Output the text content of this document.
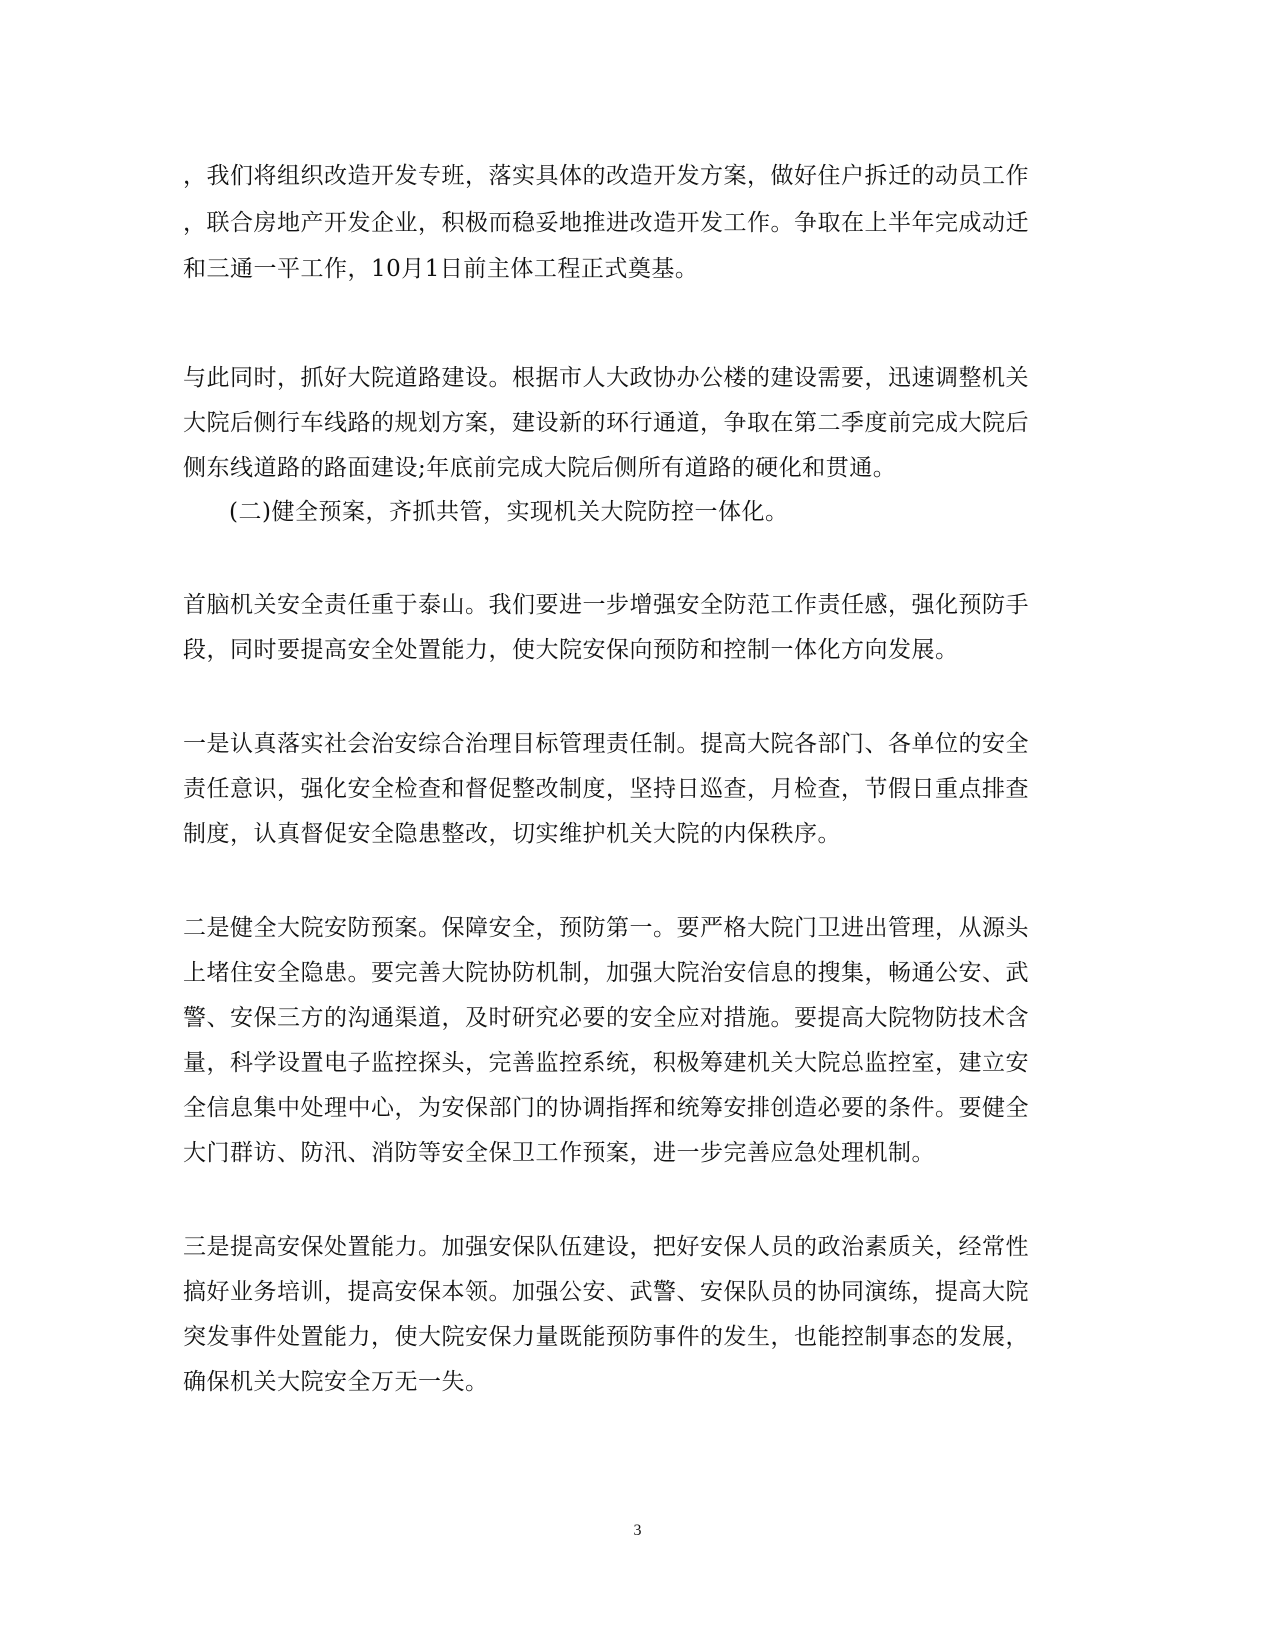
，我们将组织改造开发专班，落实具体的改造开发方案，做好住户拆迁的动员工作
，联合房地产开发企业，积极而稳妥地推进改造开发工作。争取在上半年完成动迁
和三通一平工作，10月1日前主体工程正式奠基。
与此同时，抓好大院道路建设。根据市人大政协办公楼的建设需要，迅速调整机关
大院后侧行车线路的规划方案，建设新的环行通道，争取在第二季度前完成大院后
侧东线道路的路面建设;年底前完成大院后侧所有道路的硬化和贯通。
(二)健全预案，齐抓共管，实现机关大院防控一体化。
首脑机关安全责任重于泰山。我们要进一步增强安全防范工作责任感，强化预防手
段，同时要提高安全处置能力，使大院安保向预防和控制一体化方向发展。
一是认真落实社会治安综合治理目标管理责任制。提高大院各部门、各单位的安全
责任意识，强化安全检查和督促整改制度，坚持日巡查，月检查，节假日重点排查
制度，认真督促安全隐患整改，切实维护机关大院的内保秩序。
二是健全大院安防预案。保障安全，预防第一。要严格大院门卫进出管理，从源头
上堵住安全隐患。要完善大院协防机制，加强大院治安信息的搜集，畅通公安、武
警、安保三方的沟通渠道，及时研究必要的安全应对措施。要提高大院物防技术含
量，科学设置电子监控探头，完善监控系统，积极筹建机关大院总监控室，建立安
全信息集中处理中心，为安保部门的协调指挥和统筹安排创造必要的条件。要健全
大门群访、防汛、消防等安全保卫工作预案，进一步完善应急处理机制。
三是提高安保处置能力。加强安保队伍建设，把好安保人员的政治素质关，经常性
搞好业务培训，提高安保本领。加强公安、武警、安保队员的协同演练，提高大院
突发事件处置能力，使大院安保力量既能预防事件的发生，也能控制事态的发展，
确保机关大院安全万无一失。
3
